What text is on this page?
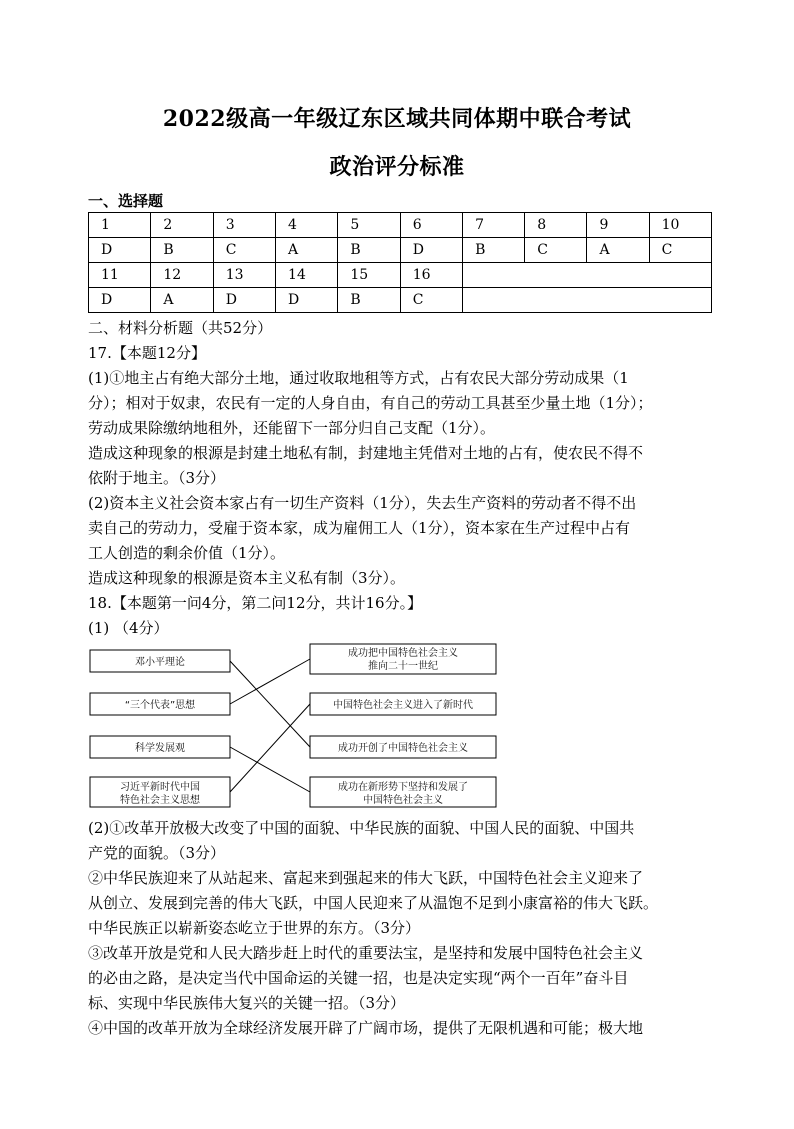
2022级高一年级辽东区域共同体期中联合考试
政治评分标准
一、选择题
1	2	3	4	5	6	7	8	9	10
D	B	C	A	B	D	B	C	A	C
11	12	13	14	15	16				
D	A	D	D	B	C				

二、材料分析题（共52分）

17.【本题12分】

(1)①地主占有绝大部分土地，通过收取地租等方式，占有农民大部分劳动成果（1

分）；相对于奴隶，农民有一定的人身自由，有自己的劳动工具甚至少量土地（1分）；

劳动成果除缴纳地租外，还能留下一部分归自己支配（1分）。

造成这种现象的根源是封建土地私有制，封建地主凭借对土地的占有，使农民不得不

依附于地主。（3分）

(2)资本主义社会资本家占有一切生产资料（1分），失去生产资料的劳动者不得不出

卖自己的劳动力，受雇于资本家，成为雇佣工人（1分），资本家在生产过程中占有

工人创造的剩余价值（1分）。

造成这种现象的根源是资本主义私有制（3分）。

18.【本题第一问4分，第二问12分，共计16分。】

(1) （4分）

邓小平理论
“三个代表”思想
科学发展观
习近平新时代中国
特色社会主义思想
成功把中国特色社会主义
推向二十一世纪
中国特色社会主义进入了新时代
成功开创了中国特色社会主义
成功在新形势下坚持和发展了
中国特色社会主义

(2)①改革开放极大改变了中国的面貌、中华民族的面貌、中国人民的面貌、中国共

产党的面貌。（3分）

②中华民族迎来了从站起来、富起来到强起来的伟大飞跃，中国特色社会主义迎来了

从创立、发展到完善的伟大飞跃，中国人民迎来了从温饱不足到小康富裕的伟大飞跃。

中华民族正以崭新姿态屹立于世界的东方。（3分）

③改革开放是党和人民大踏步赶上时代的重要法宝，是坚持和发展中国特色社会主义

的必由之路，是决定当代中国命运的关键一招，也是决定实现“两个一百年”奋斗目

标、实现中华民族伟大复兴的关键一招。（3分）

④中国的改革开放为全球经济发展开辟了广阔市场，提供了无限机遇和可能；极大地
